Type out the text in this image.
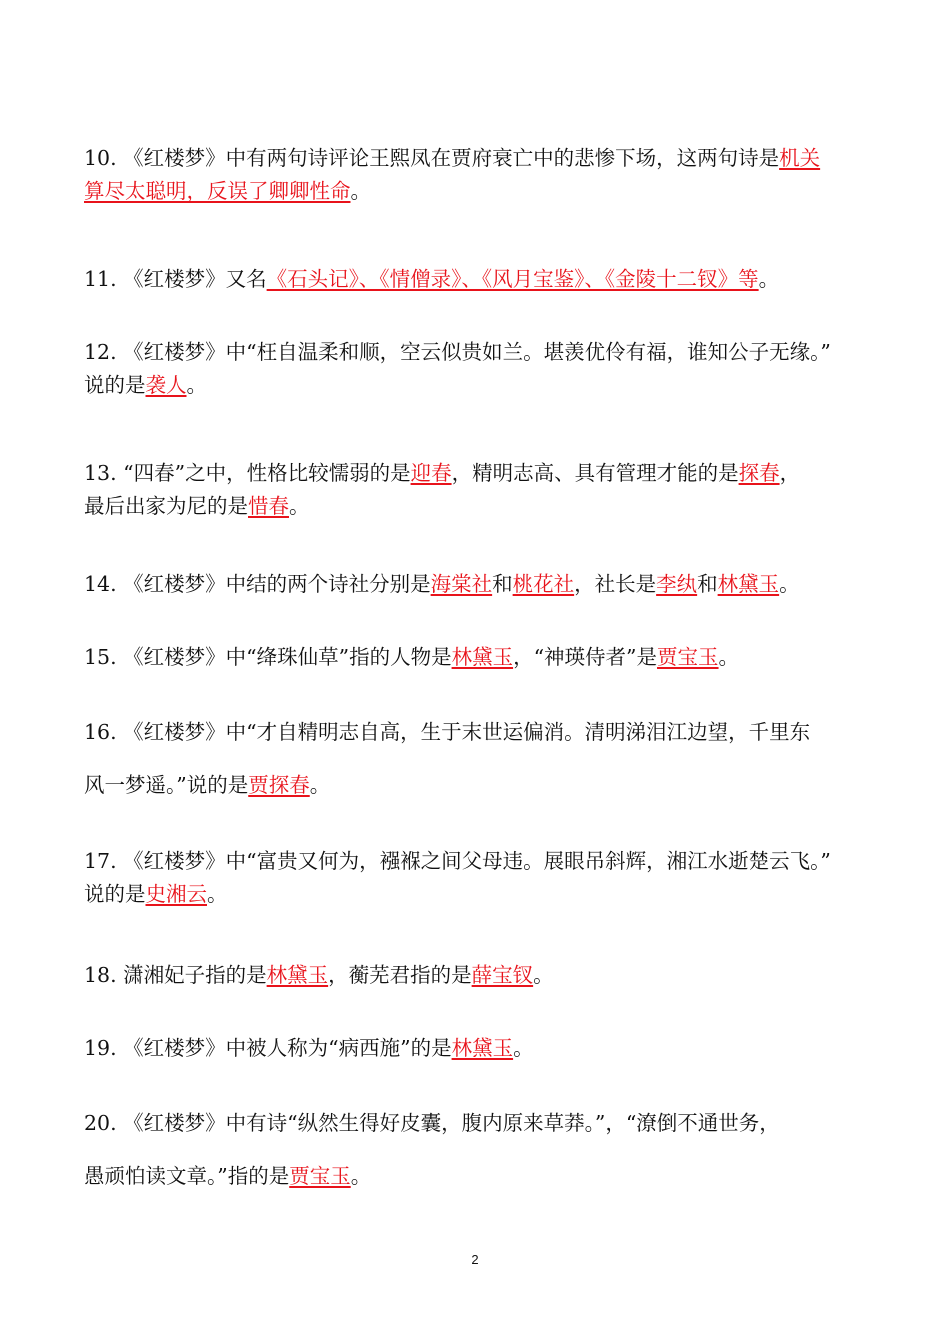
10. 《红楼梦》中有两句诗评论王熙凤在贾府衰亡中的悲惨下场，这两句诗是机关
算尽太聪明，反误了卿卿性命。

11. 《红楼梦》又名《石头记》、《情僧录》、《风月宝鉴》、《金陵十二钗》等。

12. 《红楼梦》中“枉自温柔和顺，空云似贵如兰。堪羡优伶有福，谁知公子无缘。”
说的是袭人。

13. “四春”之中，性格比较懦弱的是迎春，精明志高、具有管理才能的是探春，
最后出家为尼的是惜春。

14. 《红楼梦》中结的两个诗社分别是海棠社和桃花社，社长是李纨和林黛玉。

15. 《红楼梦》中“绛珠仙草”指的人物是林黛玉，“神瑛侍者”是贾宝玉。

16. 《红楼梦》中“才自精明志自高，生于末世运偏消。清明涕泪江边望，千里东
风一梦遥。”说的是贾探春。

17. 《红楼梦》中“富贵又何为，襁褓之间父母违。展眼吊斜辉，湘江水逝楚云飞。”
说的是史湘云。

18. 潇湘妃子指的是林黛玉，蘅芜君指的是薛宝钗。

19. 《红楼梦》中被人称为“病西施”的是林黛玉。

20. 《红楼梦》中有诗“纵然生得好皮囊，腹内原来草莽。”，“潦倒不通世务，
愚顽怕读文章。”指的是贾宝玉。

2
